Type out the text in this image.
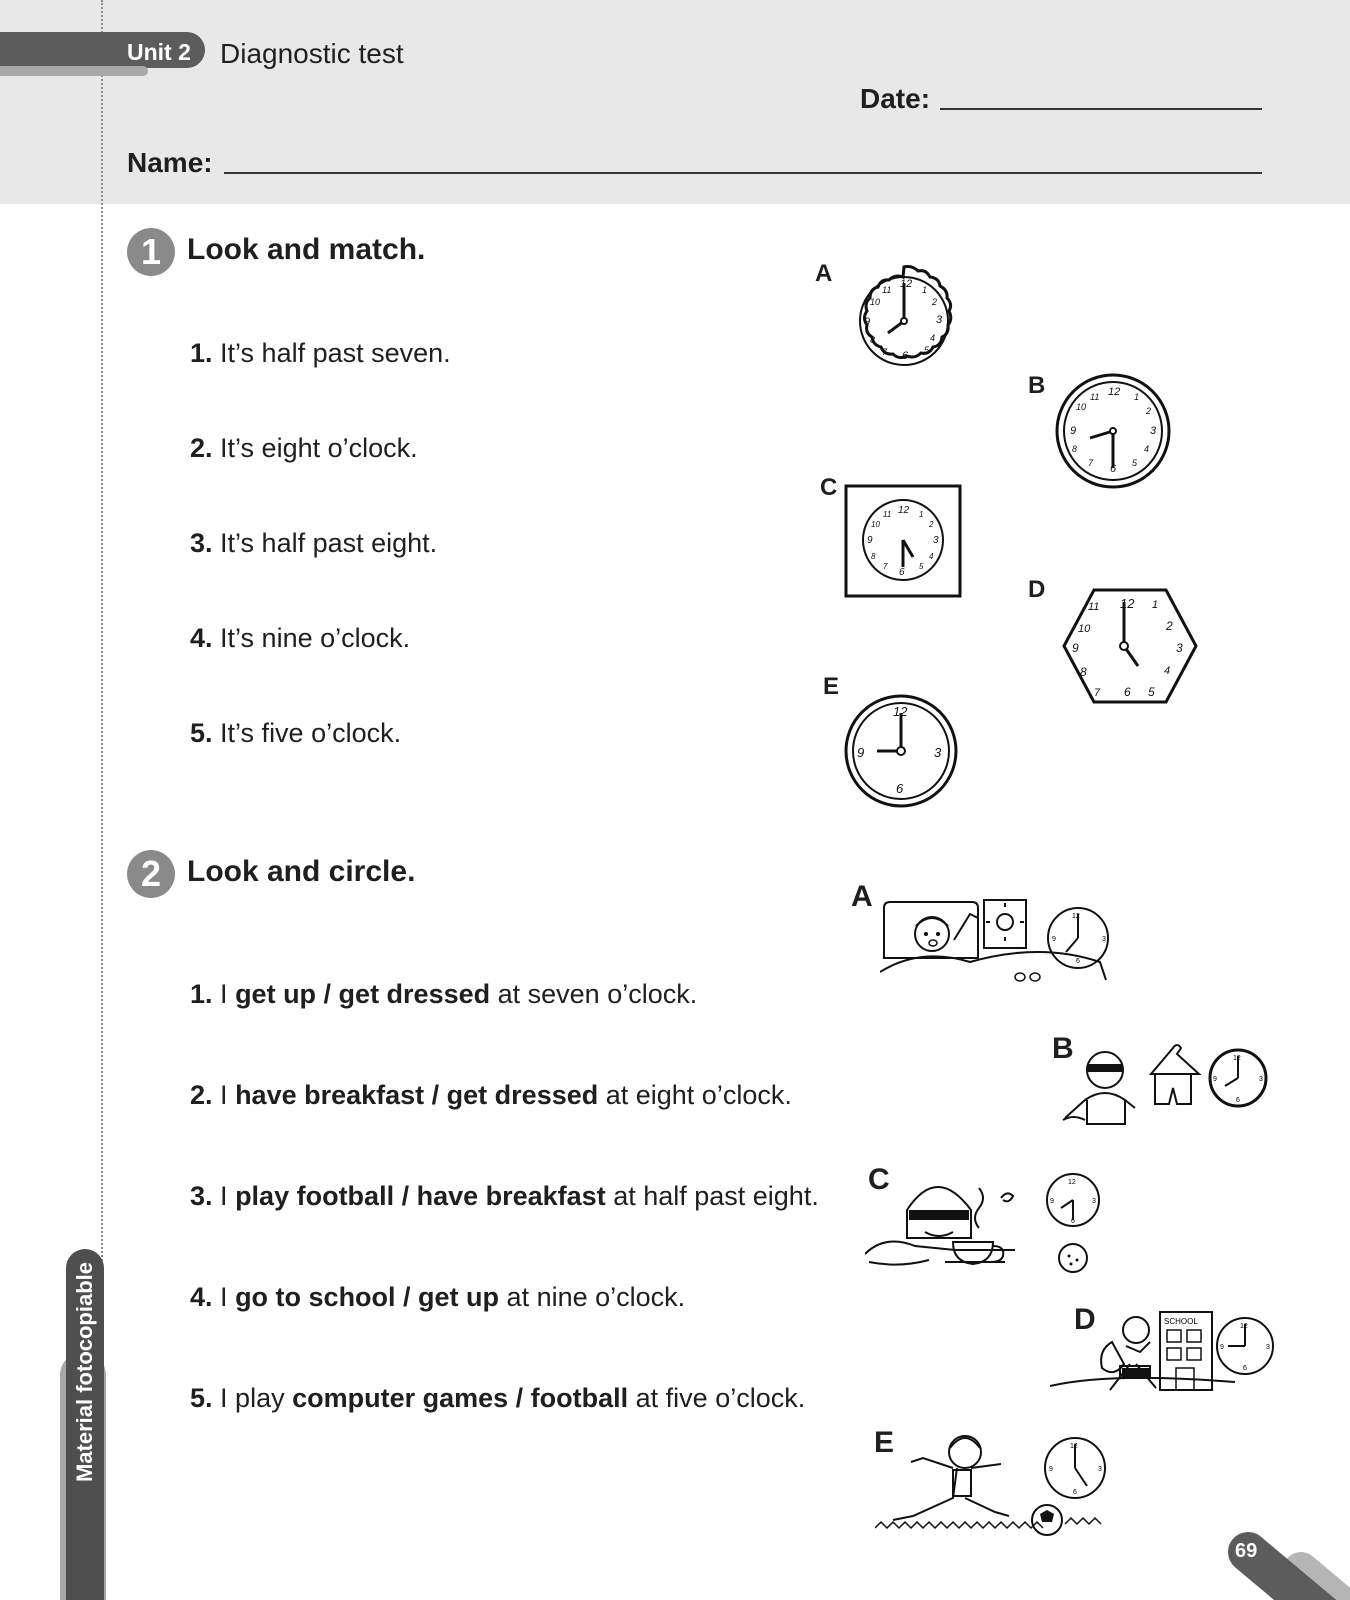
Unit 2 Diagnostic test
Date:
Name:
1 Look and match.
1. It’s half past seven.
2. It’s eight o’clock.
3. It’s half past eight.
4. It’s nine o’clock.
5. It’s five o’clock.
A	12
11
10
1
2
3
4
5
6
7
8
9
B	12
11
10
1
2
3
4
5
6
7
8
9
C
12
11
10
1
2
3
4
5
6
7
8
9
D
12
11
10
1
2
3
4
5
6
7
8
9
E
12
3
6
9
2 Look and circle.
1. I get up / get dressed at seven o’clock.
2. I have breakfast / get dressed at eight o’clock.
3. I play football / have breakfast at half past eight.
4. I go to school / get up at nine o’clock.
5. I play computer games / football at five o’clock.
A
12
3
6
9
B	12
3
6
9
C	12
3
6
9
D	SCHOOL
12
3
6
9
E	12
3
6
9
Material fotocopiable
69
